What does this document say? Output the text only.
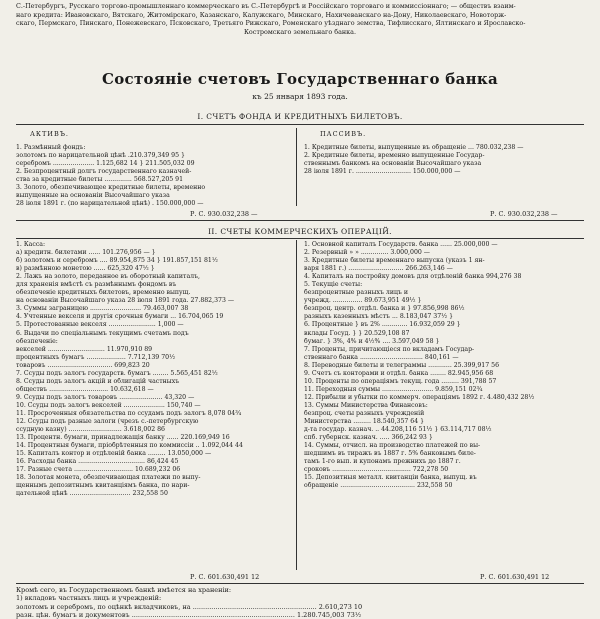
С.-Петербургъ, Русскаго торгово-промышленнаго коммерческаго въ С.-Петербургѣ и Россійскаго торговаго и коммиссіоннаго; — обществъ взаим-
наго кредита: Ивановскаго, Вятскаго, Житомірскаго, Казанскаго, Калужскаго, Минскаго, Нахичеванскаго на-Дону, Николаевскаго, Новоторж-
скаго, Пермскаго, Пинскаго, Понежевскаго, Псковскаго, Третьяго Рижскаго, Роменскаго уѣзднаго земства, Тифлисскаго, Ялтинскаго и Ярославско-
Костромскаго земельнаго банка.
Состояніе счетовъ Государственнаго банка
къ 25 января 1893 года.
I. СЧЕТЪ ФОНДА И КРЕДИТНЫХЪ БИЛЕТОВЪ.
АКТИВЪ.	ПАССИВЪ.
1. Размѣнный фондъ:
золотомъ по нарицательной цѣнѣ .210.379,349 95 }
серебромъ ..................... 1.125,682 14 } 211.505,032 09
2. Безпроцентный долгъ государственнаго казначей-
ства за кредитные билеты .............. 568.527,205 91
3. Золото, обезпечивающее кредитные билеты, временно
выпущенные на основаніи Высочайшаго указа
28 іюля 1891 г. (по нарицательной цѣнѣ) . 150.000,000 —
1. Кредитные билеты, выпущенные въ обращеніе ... 780.032,238 —
2. Кредитные билеты, временно выпущенные Государ-
ственнымъ банкомъ на основаніи Высочайшаго указа
28 іюля 1891 г. ............................ 150.000,000 —
Р. С. 930.032,238 —	Р. С. 930.032,238 —
II. СЧЕТЫ КОММЕРЧЕСКИХЪ ОПЕРАЦІЙ.
1. Касса:
а) кредитн. билетами ...... 101.276,956 — }
б) золотомъ и серебромъ .... 89.954,875 34 } 191.857,151 81½
в) размѣнною монетою ...... 625,320 47½ }
2. Лажъ на золото, переданное въ оборотный капиталъ,
для храненія вмѣстѣ съ размѣннымъ фондомъ въ
обезпеченіе кредитныхъ билетовъ, временно выпущ.
на основаніи Высочайшаго указа 28 іюля 1891 года. 27.882,373 —
3. Суммы заграницею .......................... 79.463,007 38
4. Учтенные векселя и другія срочныя бумаги ... 16.704,065 19
5. Протестованные векселя ........................ 1,000 —
6. Выдачи по спеціальнымъ текущимъ счетамъ подъ
обезпеченіе:
векселей ............................. 11.970,910 89
процентныхъ бумагъ .................... 7.712,139 70½
товаровъ ................................. 699,823 20
7. Ссуды подъ залогъ государств. бумагъ ........ 5.565,451 82½
8. Ссуды подъ залогъ акцій и облигацій частныхъ
обществъ .............................. 10.632,618 —
9. Ссуды подъ залогъ товаровъ ...................... 43,320 —
10. Ссуды подъ залогъ векселей ..................... 150,740 —
11. Просроченныя обязательства по ссудамъ подъ залогъ 8,078 04¾
12. Ссуды подъ разные залоги (чрезъ с.-петербургскую
ссудную казну) ........................... 3.618,002 86
13. Процентн. бумаги, принадлежащія банку ...... 220.169,949 16
14. Процентныя бумаги, пріобрѣтенныя по коммиссіи .. 1.092,044 44
15. Капиталъ контор и отдѣленій банка ......... 13.050,000 —
16. Расходы банка .................................. 86,424 45
17. Разные счета .............................. 10.689,232 06
18. Золотая монета, обезпечивающая платежи по выпу-
щеннымъ депозитнымъ квитанціямъ банка, по нари-
цательной цѣнѣ ............................... 232,558 50
1. Основной капиталъ Государств. банка ...... 25.000,000 —
2. Резервный » » .............. 3.000,000 —
3. Кредитные билеты временнаго выпуска (указъ 1 ян-
варя 1881 г.) ............................ 266.263,146 —
4. Капиталъ на постройку домовъ для отдѣленій банка 994,276 38
5. Текущіе счеты:
безпроцентные разныхъ лицъ и
учрежд. ............... 89.673,951 49½ }
безпроц. центр. отдѣл. банка и } 97.856,998 86½
разныхъ казенныхъ мѣстъ ... 8.183,047 37½ }
6. Процентные } въ 2% ............. 16.932,059 29 }
вклады Госуд. } } 20.529,108 87
бумаг. } 3%, 4% и 4½% .... 3.597,049 58 }
7. Проценты, причитающіеся по вкладамъ Государ-
ственнаго банка ................................ 840,161 —
8. Переводные билеты и телеграммы ............ 25.399,917 56
9. Счетъ съ конторами и отдѣл. банка ........ 82.945,956 68
10. Проценты по операціямъ текущ. года ......... 391,788 57
11. Переходныя суммы .......................... 9.859,151 02¾
12. Прибыли и убытки по коммерч. операціямъ 1892 г. 4.480,432 28½
13. Суммы Министерства Финансовъ:
безпроц. счеты разныхъ учрежденій
Министерства ......... 18.540,357 64 }
д-та государ. казнач. .. 44.208,116 51½ } 63.114,717 08½
спб. губернск. казнач. ..... 366,242 93 }
14. Суммы, отчисл. на производство платежей по вы-
шедшимъ въ тиражъ въ 1887 г. 5% банковымъ биле-
тамъ 1-го вып. и купонамъ прежнихъ до 1887 г.
сроковъ ........................................ 722,278 50
15. Депозитныя металл. квитанціи банка, выпущ. въ
обращеніе ...................................... 232,558 50
Р. С. 601.630,491 12	Р. С. 601.630,491 12
Кромѣ сего, въ Государственномъ банкѣ имѣется на храненіи:
1) вкладовъ частныхъ лицъ и учрежденій:
золотомъ и серебромъ, по оцѣнкѣ вкладчиковъ, на ............................................................ 2.610,273 10
разн. цѣн. бумагъ и документовъ ............................................................................... 1.280.745,003 73½
